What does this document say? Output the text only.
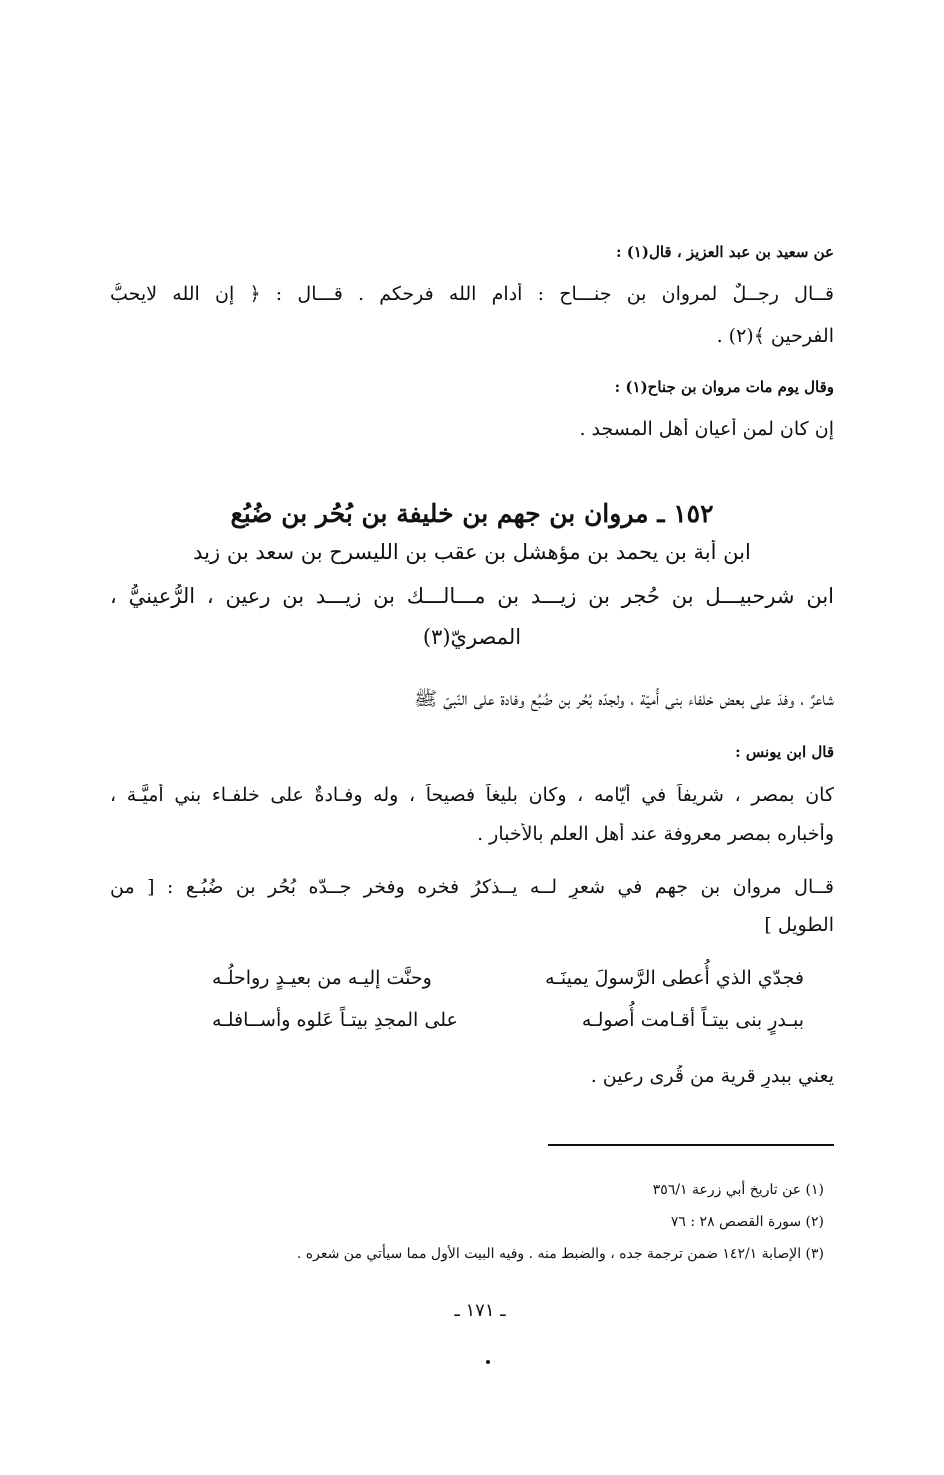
عن سعيد بن عبد العزيز ، قال(١) :
قــال رجــلٌ لمروان بن جنـــاح : أدام الله فرحكم . قـــال : ﴿ إن الله لايحبُّ
الفرحين ﴾(٢) .
وقال يوم مات مروان بن جناح(١) :
إن كان لمن أعيان أهل المسجد .
١٥٢ ـ مروان بن جهم بن خليفة بن بُحُر بن ضُبُع
ابن أبة بن يحمد بن مؤهشل بن عقب بن الليسرح بن سعد بن زيد
ابن شرحبيـــل بن حُجر بن زيـــد بن مـــالـــك بن زيـــد بن رعين ، الرُّعينيُّ ،
المصريّ(٣)
شاعرٌ ، وفدَ على بعض خلفاء بني أُميّة ، ولجدّه بُحُر بن ضُبُع وفادة على النّبيّ ﷺ
قال ابن يونس :
كان بمصر ، شريفاً في أيّامه ، وكان بليغاً فصيحاً ، وله وفـادةٌ على خلفـاء بني أُميَّـة ،
وأخباره بمصر معروفة عند أهل العلم بالأخبار .
قــال مروان بن جهم في شعرٍ لــه يــذكرُ فخره وفخر جــدّه بُحُر بن ضُبُـع : [ من
الطويل ]
فجدّي الذي أُعطى الرَّسولَ يمينَـه
وحنَّت إليـه من بعيـدٍ رواحلُـه
ببـدرٍ بنى بيتـاً أقـامت أُصولـه
على المجدِ بيتـاً عَلوه وأســافلـه
يعني ببدرٍ قرية من قُرى رعين .
(١) عن تاريخ أبي زرعة ٣٥٦/١
(٢) سورة القصص ٢٨ : ٧٦
(٣) الإصابة ١٤٢/١ ضمن ترجمة جده ، والضبط منه . وفيه البيت الأول مما سيأتي من شعره .
ـ ١٧١ ـ
